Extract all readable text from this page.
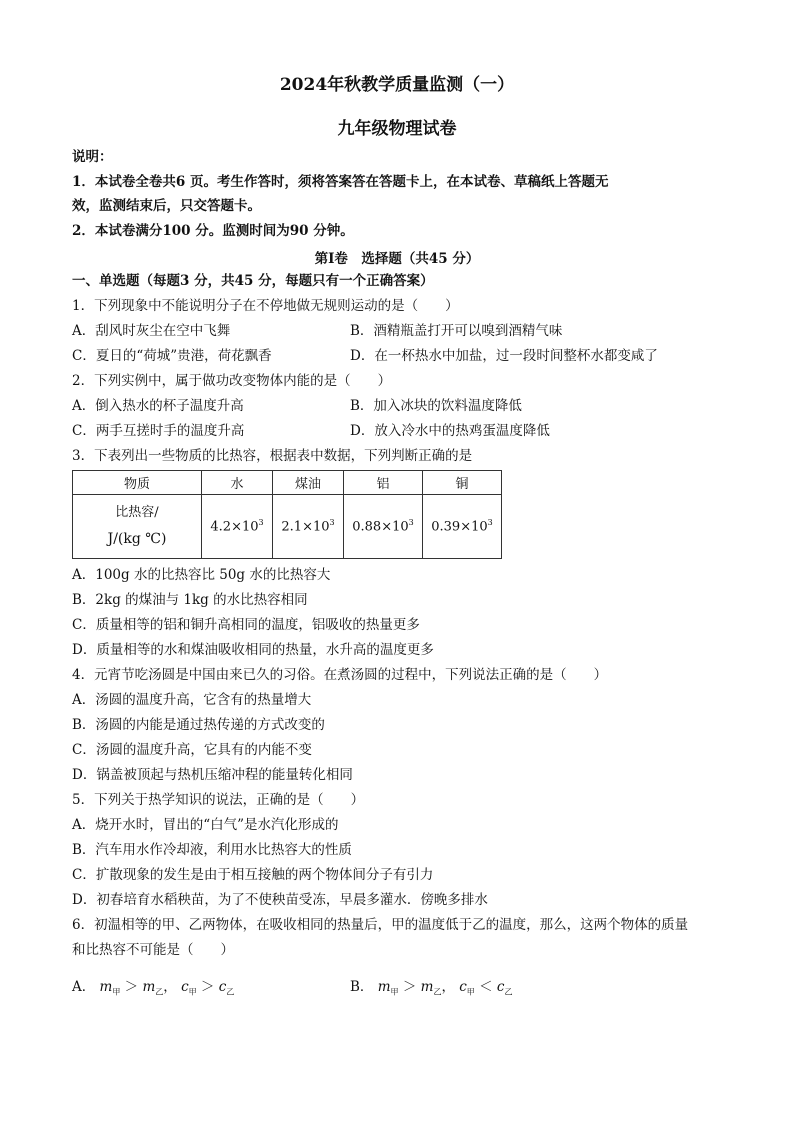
2024年秋教学质量监测（一）
九年级物理试卷
说明：
1．本试卷全卷共6 页。考生作答时，须将答案答在答题卡上，在本试卷、草稿纸上答题无
效，监测结束后，只交答题卡。
2．本试卷满分100 分。监测时间为90 分钟。
第Ⅰ卷　选择题（共45 分）
一、单选题（每题3 分，共45 分，每题只有一个正确答案）
1．下列现象中不能说明分子在不停地做无规则运动的是（　　）
A．刮风时灰尘在空中飞舞	B．酒精瓶盖打开可以嗅到酒精气味
C．夏日的“荷城”贵港，荷花飘香	D．在一杯热水中加盐，过一段时间整杯水都变咸了
2．下列实例中，属于做功改变物体内能的是（　　）
A．倒入热水的杯子温度升高	B．加入冰块的饮料温度降低
C．两手互搓时手的温度升高	D．放入冷水中的热鸡蛋温度降低
3．下表列出一些物质的比热容，根据表中数据，下列判断正确的是
物质	水	煤油	铝	铜

比热容/
J/(kg ℃)	$4.2\times 10^3$	$2.1\times 10^3$	$0.88\times 10^3$	$0.39\times 10^3$
A．100g 水的比热容比 50g 水的比热容大
B．2kg 的煤油与 1kg 的水比热容相同
C．质量相等的铝和铜升高相同的温度，铝吸收的热量更多
D．质量相等的水和煤油吸收相同的热量，水升高的温度更多
4．元宵节吃汤圆是中国由来已久的习俗。在煮汤圆的过程中，下列说法正确的是（　　）
A．汤圆的温度升高，它含有的热量增大
B．汤圆的内能是通过热传递的方式改变的
C．汤圆的温度升高，它具有的内能不变
D．锅盖被顶起与热机压缩冲程的能量转化相同
5．下列关于热学知识的说法，正确的是（　　）
A．烧开水时，冒出的“白气”是水汽化形成的
B．汽车用水作冷却液，利用水比热容大的性质
C．扩散现象的发生是由于相互接触的两个物体间分子有引力
D．初春培育水稻秧苗，为了不使秧苗受冻，早晨多灌水．傍晚多排水
6．初温相等的甲、乙两物体，在吸收相同的热量后，甲的温度低于乙的温度，那么，这两个物体的质量
和比热容不可能是（　　）
A． $m_甲 > m_乙$， $c_甲 > c_乙$	B． $m_甲 > m_乙$， $c_甲 < c_乙$
